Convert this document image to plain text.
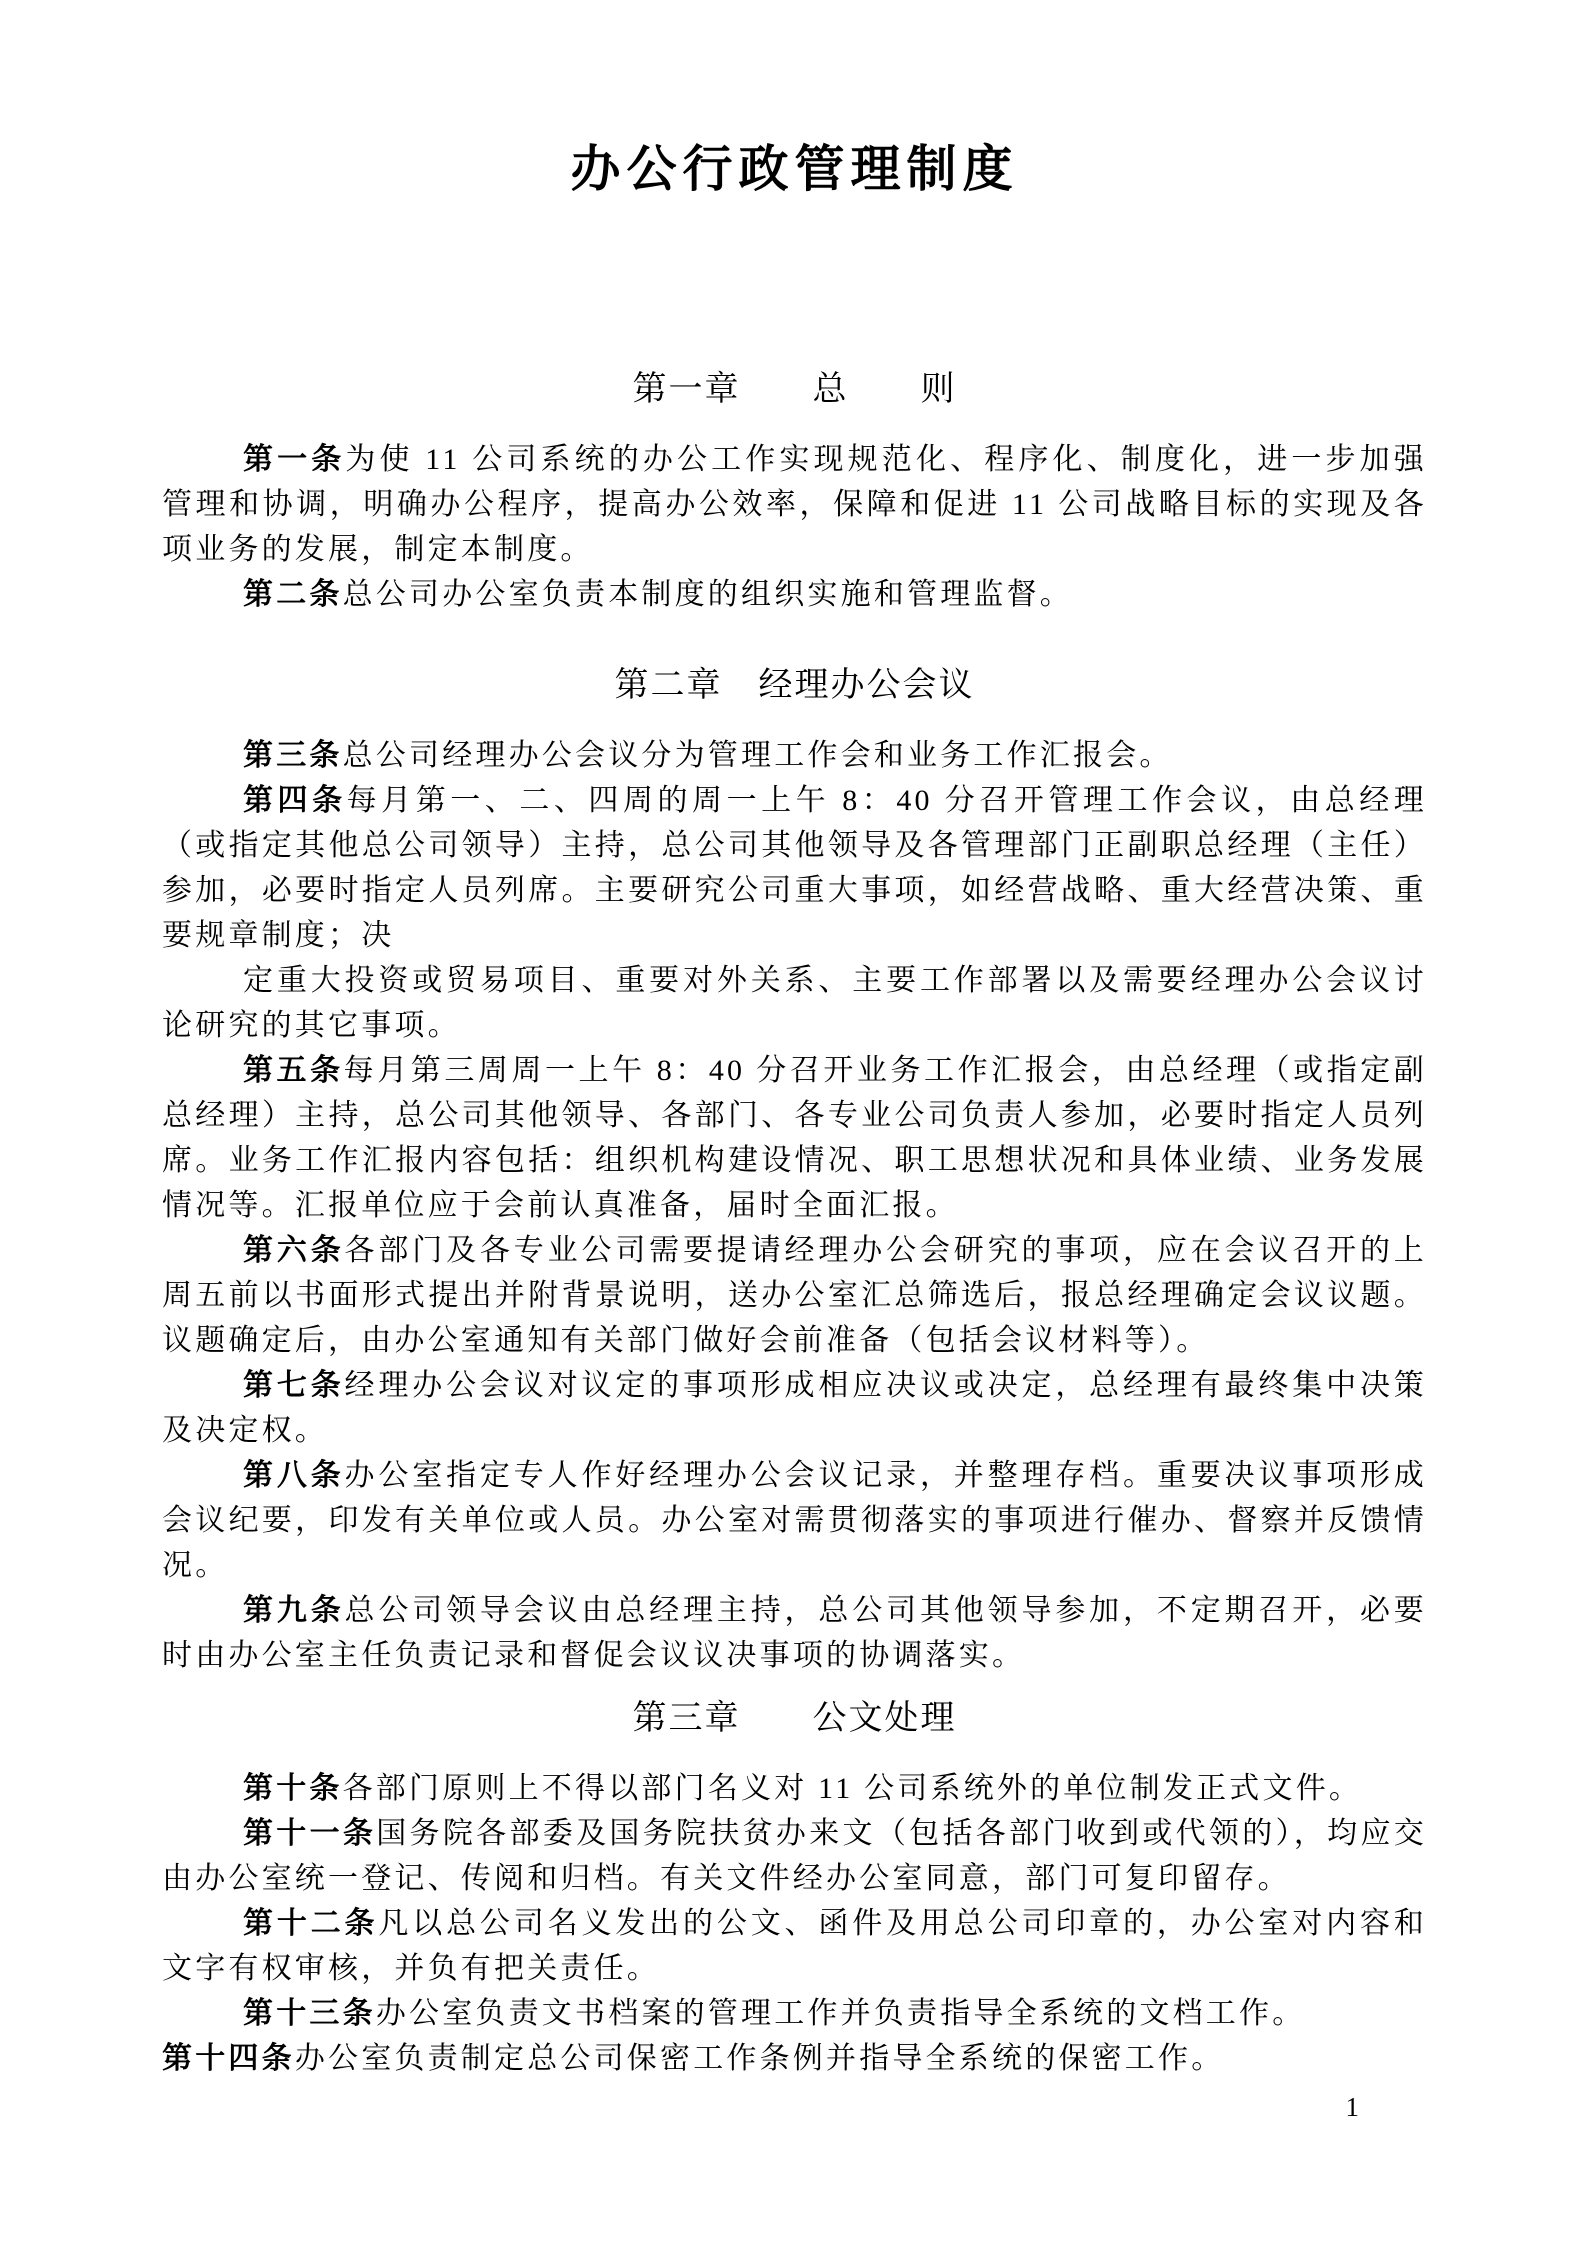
办公行政管理制度
第一章　　总　　则

第一条为使 11 公司系统的办公工作实现规范化、程序化、制度化，进一步加强管理和协调，明确办公程序，提高办公效率，保障和促进 11 公司战略目标的实现及各项业务的发展，制定本制度。

第二条总公司办公室负责本制度的组织实施和管理监督。

第二章　经理办公会议

第三条总公司经理办公会议分为管理工作会和业务工作汇报会。

第四条每月第一、二、四周的周一上午 8：40 分召开管理工作会议，由总经理（或指定其他总公司领导）主持，总公司其他领导及各管理部门正副职总经理（主任）参加，必要时指定人员列席。主要研究公司重大事项，如经营战略、重大经营决策、重要规章制度；决

定重大投资或贸易项目、重要对外关系、主要工作部署以及需要经理办公会议讨论研究的其它事项。

第五条每月第三周周一上午 8：40 分召开业务工作汇报会，由总经理（或指定副总经理）主持，总公司其他领导、各部门、各专业公司负责人参加，必要时指定人员列席。业务工作汇报内容包括：组织机构建设情况、职工思想状况和具体业绩、业务发展情况等。汇报单位应于会前认真准备，届时全面汇报。

第六条各部门及各专业公司需要提请经理办公会研究的事项，应在会议召开的上周五前以书面形式提出并附背景说明，送办公室汇总筛选后，报总经理确定会议议题。议题确定后，由办公室通知有关部门做好会前准备（包括会议材料等）。

第七条经理办公会议对议定的事项形成相应决议或决定，总经理有最终集中决策及决定权。

第八条办公室指定专人作好经理办公会议记录，并整理存档。重要决议事项形成会议纪要，印发有关单位或人员。办公室对需贯彻落实的事项进行催办、督察并反馈情况。

第九条总公司领导会议由总经理主持，总公司其他领导参加，不定期召开，必要时由办公室主任负责记录和督促会议议决事项的协调落实。

第三章　　公文处理

第十条各部门原则上不得以部门名义对 11 公司系统外的单位制发正式文件。

第十一条国务院各部委及国务院扶贫办来文（包括各部门收到或代领的），均应交由办公室统一登记、传阅和归档。有关文件经办公室同意，部门可复印留存。

第十二条凡以总公司名义发出的公文、函件及用总公司印章的，办公室对内容和文字有权审核，并负有把关责任。

第十三条办公室负责文书档案的管理工作并负责指导全系统的文档工作。

第十四条办公室负责制定总公司保密工作条例并指导全系统的保密工作。

1
